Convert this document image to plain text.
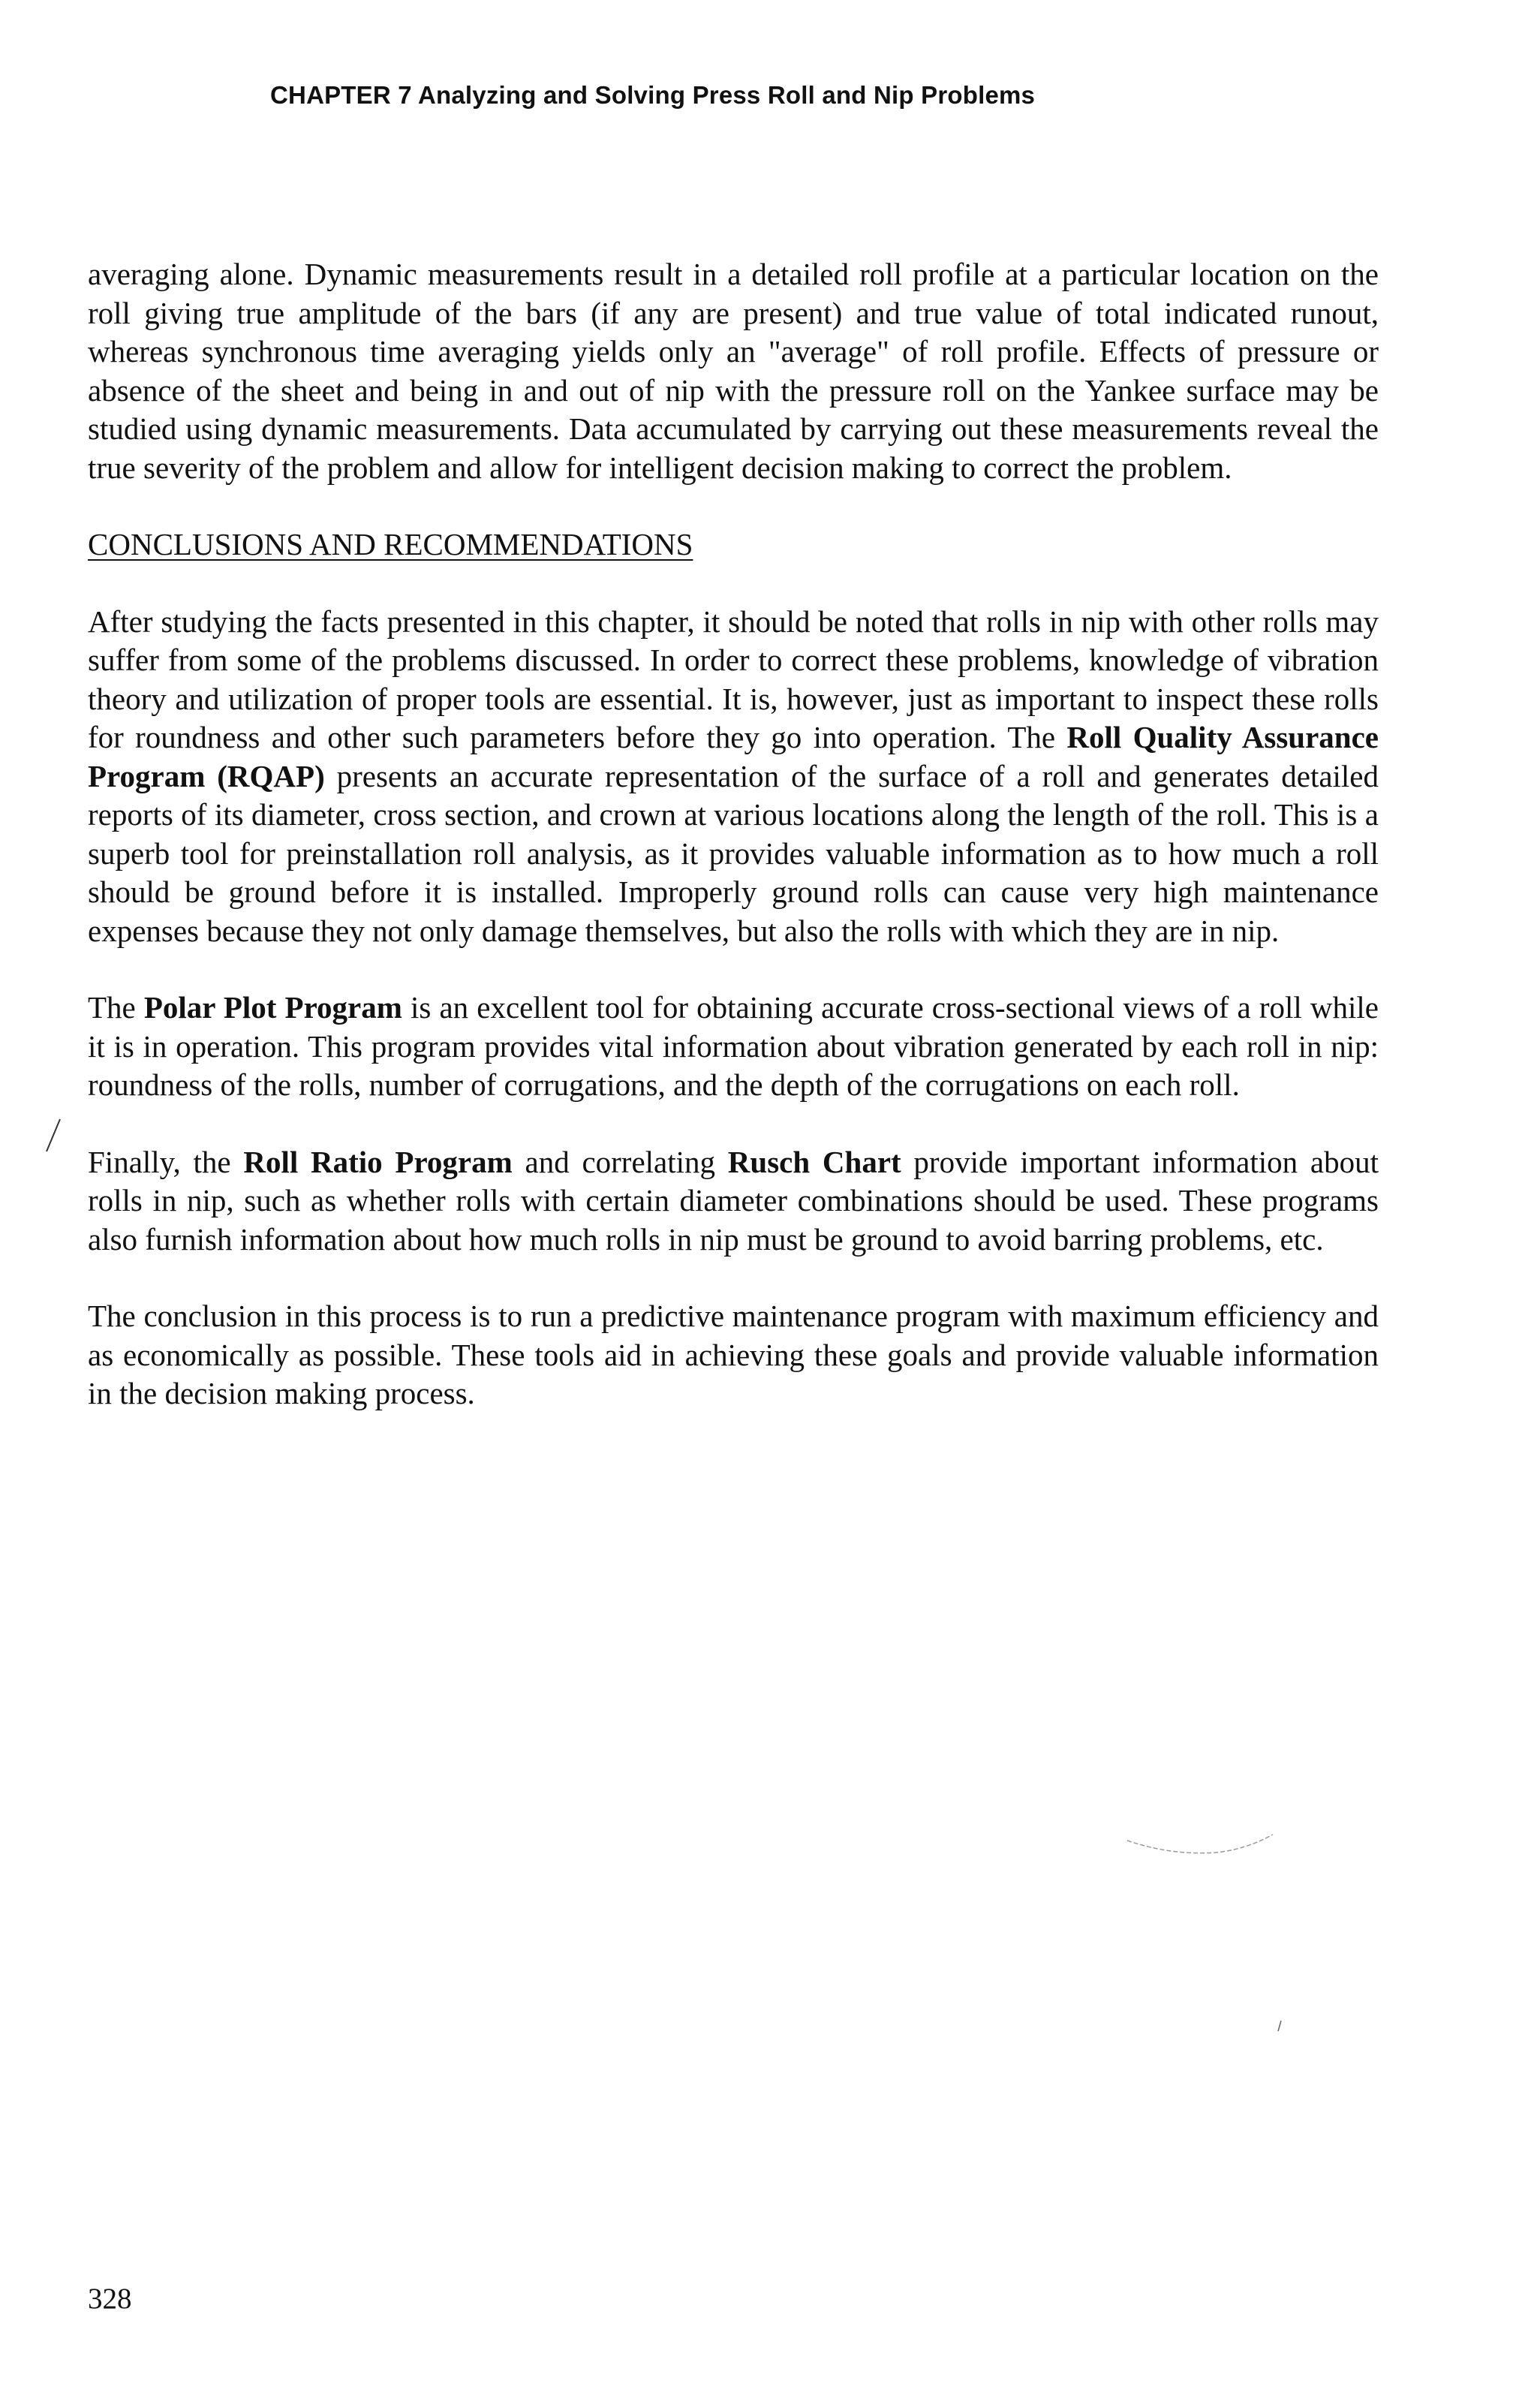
CHAPTER 7 Analyzing and Solving Press Roll and Nip Problems

averaging alone. Dynamic measurements result in a detailed roll profile at a particular location on the roll giving true amplitude of the bars (if any are present) and true value of total indicated runout, whereas synchronous time averaging yields only an "average" of roll profile. Effects of pressure or absence of the sheet and being in and out of nip with the pressure roll on the Yankee surface may be studied using dynamic measurements. Data accumulated by carrying out these measurements reveal the true severity of the problem and allow for intelligent decision making to correct the problem.

CONCLUSIONS AND RECOMMENDATIONS

After studying the facts presented in this chapter, it should be noted that rolls in nip with other rolls may suffer from some of the problems discussed. In order to correct these problems, knowledge of vibration theory and utilization of proper tools are essential. It is, however, just as important to inspect these rolls for roundness and other such parameters before they go into operation. The Roll Quality Assurance Program (RQAP) presents an accurate representation of the surface of a roll and generates detailed reports of its diameter, cross section, and crown at various locations along the length of the roll. This is a superb tool for preinstallation roll analysis, as it provides valuable information as to how much a roll should be ground before it is installed. Improperly ground rolls can cause very high maintenance expenses because they not only damage themselves, but also the rolls with which they are in nip.

The Polar Plot Program is an excellent tool for obtaining accurate cross-sectional views of a roll while it is in operation. This program provides vital information about vibration generated by each roll in nip: roundness of the rolls, number of corrugations, and the depth of the corrugations on each roll.

Finally, the Roll Ratio Program and correlating Rusch Chart provide important information about rolls in nip, such as whether rolls with certain diameter combinations should be used. These programs also furnish information about how much rolls in nip must be ground to avoid barring problems, etc.

The conclusion in this process is to run a predictive maintenance program with maximum efficiency and as economically as possible. These tools aid in achieving these goals and provide valuable information in the decision making process.

328
